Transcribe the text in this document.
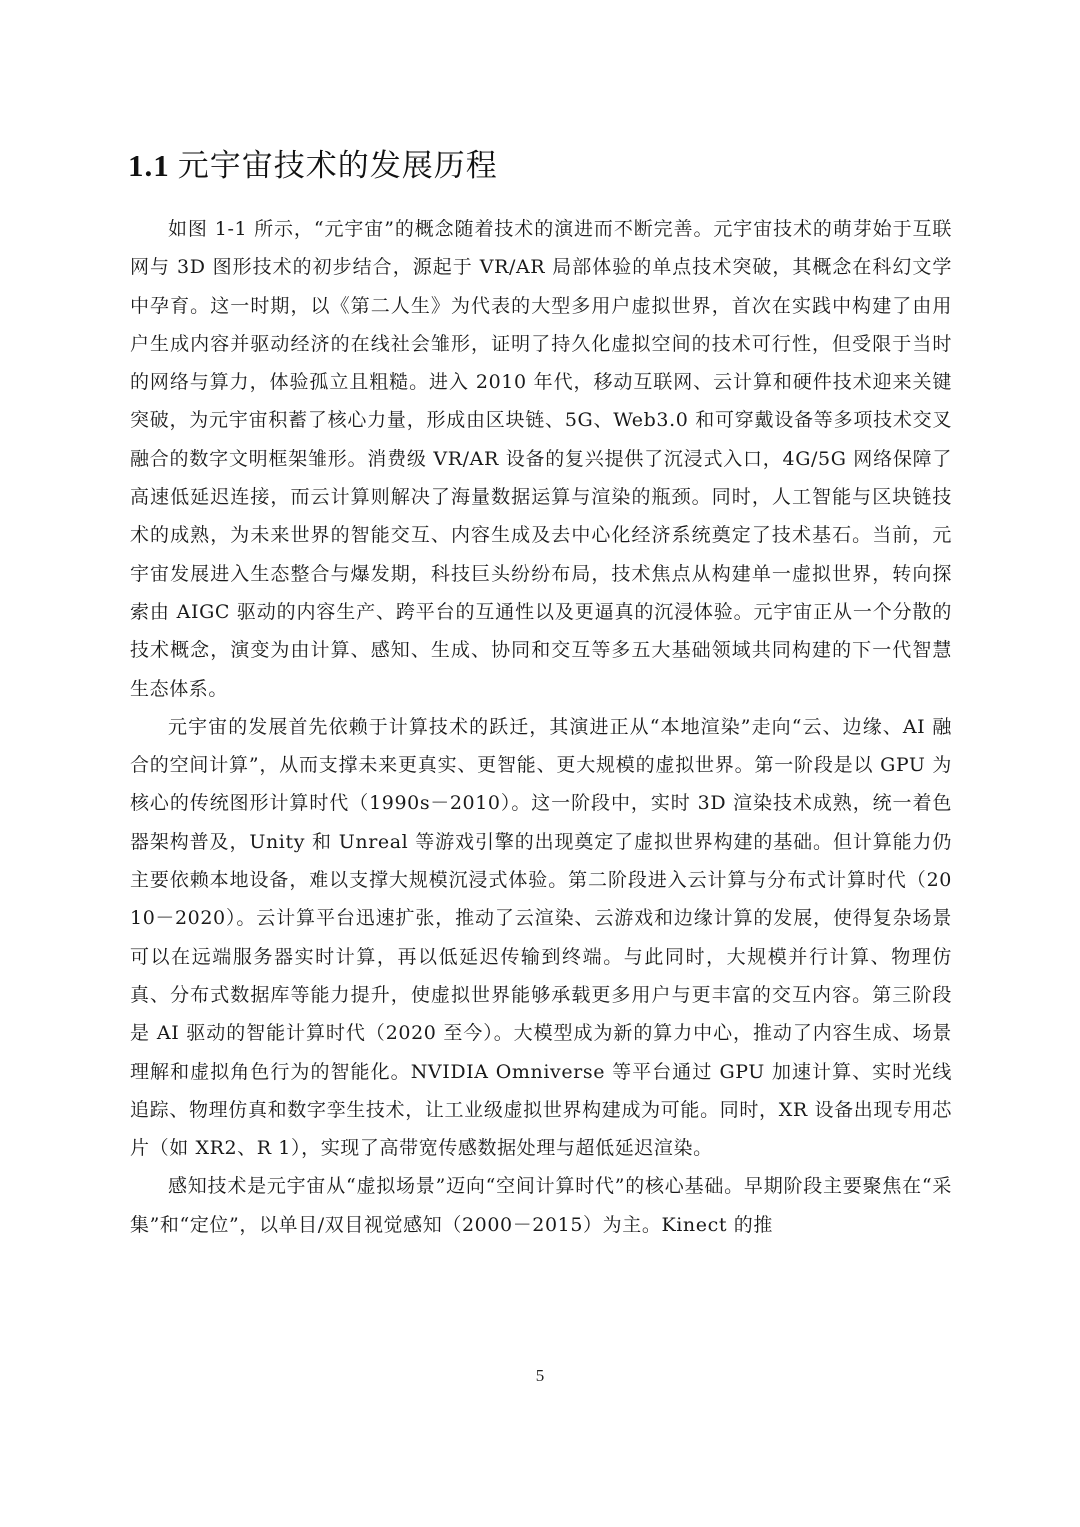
1.1 元宇宙技术的发展历程

如图 1-1 所示，“元宇宙”的概念随着技术的演进而不断完善。元宇宙技术的萌芽始于互联网与 3D 图形技术的初步结合，源起于 VR/AR 局部体验的单点技术突破，其概念在科幻文学中孕育。这一时期，以《第二人生》为代表的大型多用户虚拟世界，首次在实践中构建了由用户生成内容并驱动经济的在线社会雏形，证明了持久化虚拟空间的技术可行性，但受限于当时的网络与算力，体验孤立且粗糙。进入 2010 年代，移动互联网、云计算和硬件技术迎来关键突破，为元宇宙积蓄了核心力量，形成由区块链、5G、Web3.0 和可穿戴设备等多项技术交叉融合的数字文明框架雏形。消费级 VR/AR 设备的复兴提供了沉浸式入口，4G/5G 网络保障了高速低延迟连接，而云计算则解决了海量数据运算与渲染的瓶颈。同时，人工智能与区块链技术的成熟，为未来世界的智能交互、内容生成及去中心化经济系统奠定了技术基石。当前，元宇宙发展进入生态整合与爆发期，科技巨头纷纷布局，技术焦点从构建单一虚拟世界，转向探索由 AIGC 驱动的内容生产、跨平台的互通性以及更逼真的沉浸体验。元宇宙正从一个分散的技术概念，演变为由计算、感知、生成、协同和交互等多五大基础领域共同构建的下一代智慧生态体系。

元宇宙的发展首先依赖于计算技术的跃迁，其演进正从“本地渲染”走向“云、边缘、AI 融合的空间计算”，从而支撑未来更真实、更智能、更大规模的虚拟世界。第一阶段是以 GPU 为核心的传统图形计算时代（1990s－2010）。这一阶段中，实时 3D 渲染技术成熟，统一着色器架构普及，Unity 和 Unreal 等游戏引擎的出现奠定了虚拟世界构建的基础。但计算能力仍主要依赖本地设备，难以支撑大规模沉浸式体验。第二阶段进入云计算与分布式计算时代（2010－2020）。云计算平台迅速扩张，推动了云渲染、云游戏和边缘计算的发展，使得复杂场景可以在远端服务器实时计算，再以低延迟传输到终端。与此同时，大规模并行计算、物理仿真、分布式数据库等能力提升，使虚拟世界能够承载更多用户与更丰富的交互内容。第三阶段是 AI 驱动的智能计算时代（2020 至今）。大模型成为新的算力中心，推动了内容生成、场景理解和虚拟角色行为的智能化。NVIDIA Omniverse 等平台通过 GPU 加速计算、实时光线追踪、物理仿真和数字孪生技术，让工业级虚拟世界构建成为可能。同时，XR 设备出现专用芯片（如 XR2、R 1），实现了高带宽传感数据处理与超低延迟渲染。

感知技术是元宇宙从“虚拟场景”迈向“空间计算时代”的核心基础。早期阶段主要聚焦在“采集”和“定位”，以单目/双目视觉感知（2000－2015）为主。Kinect 的推

5
